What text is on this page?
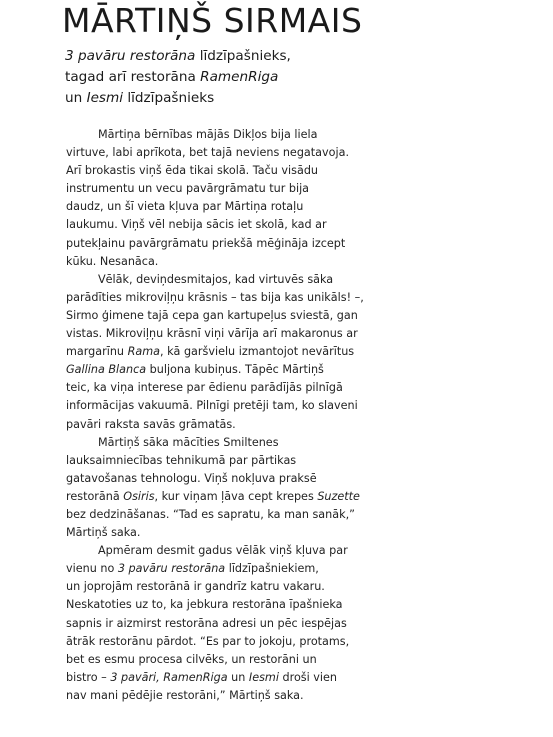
MĀRTIŅŠ SIRMAIS
3 pavāru restorāna līdzīpašnieks,
tagad arī restorāna RamenRiga
un Iesmi līdzīpašnieks
Mārtiņa bērnības mājās Dikļos bija liela
virtuve, labi aprīkota, bet tajā neviens negatavoja.
Arī brokastis viņš ēda tikai skolā. Taču visādu
instrumentu un vecu pavārgrāmatu tur bija
daudz, un šī vieta kļuva par Mārtiņa rotaļu
laukumu. Viņš vēl nebija sācis iet skolā, kad ar
putekļainu pavārgrāmatu priekšā mēģināja izcept
kūku. Nesanāca.
Vēlāk, deviņdesmitajos, kad virtuvēs sāka
parādīties mikroviļņu krāsnis – tas bija kas unikāls! –,
Sirmo ģimene tajā cepa gan kartupeļus sviestā, gan
vistas. Mikroviļņu krāsnī viņi vārīja arī makaronus ar
margarīnu Rama, kā garšvielu izmantojot nevārītus
Gallina Blanca buljona kubiņus. Tāpēc Mārtiņš
teic, ka viņa interese par ēdienu parādījās pilnīgā
informācijas vakuumā. Pilnīgi pretēji tam, ko slaveni
pavāri raksta savās grāmatās.
Mārtiņš sāka mācīties Smiltenes
lauksaimniecības tehnikumā par pārtikas
gatavošanas tehnologu. Viņš nokļuva praksē
restorānā Osiris, kur viņam ļāva cept krepes Suzette
bez dedzināšanas. “Tad es sapratu, ka man sanāk,”
Mārtiņš saka.
Apmēram desmit gadus vēlāk viņš kļuva par
vienu no 3 pavāru restorāna līdzīpašniekiem,
un joprojām restorānā ir gandrīz katru vakaru.
Neskatoties uz to, ka jebkura restorāna īpašnieka
sapnis ir aizmirst restorāna adresi un pēc iespējas
ātrāk restorānu pārdot. “Es par to jokoju, protams,
bet es esmu procesa cilvēks, un restorāni un
bistro – 3 pavāri, RamenRiga un Iesmi droši vien
nav mani pēdējie restorāni,” Mārtiņš saka.
